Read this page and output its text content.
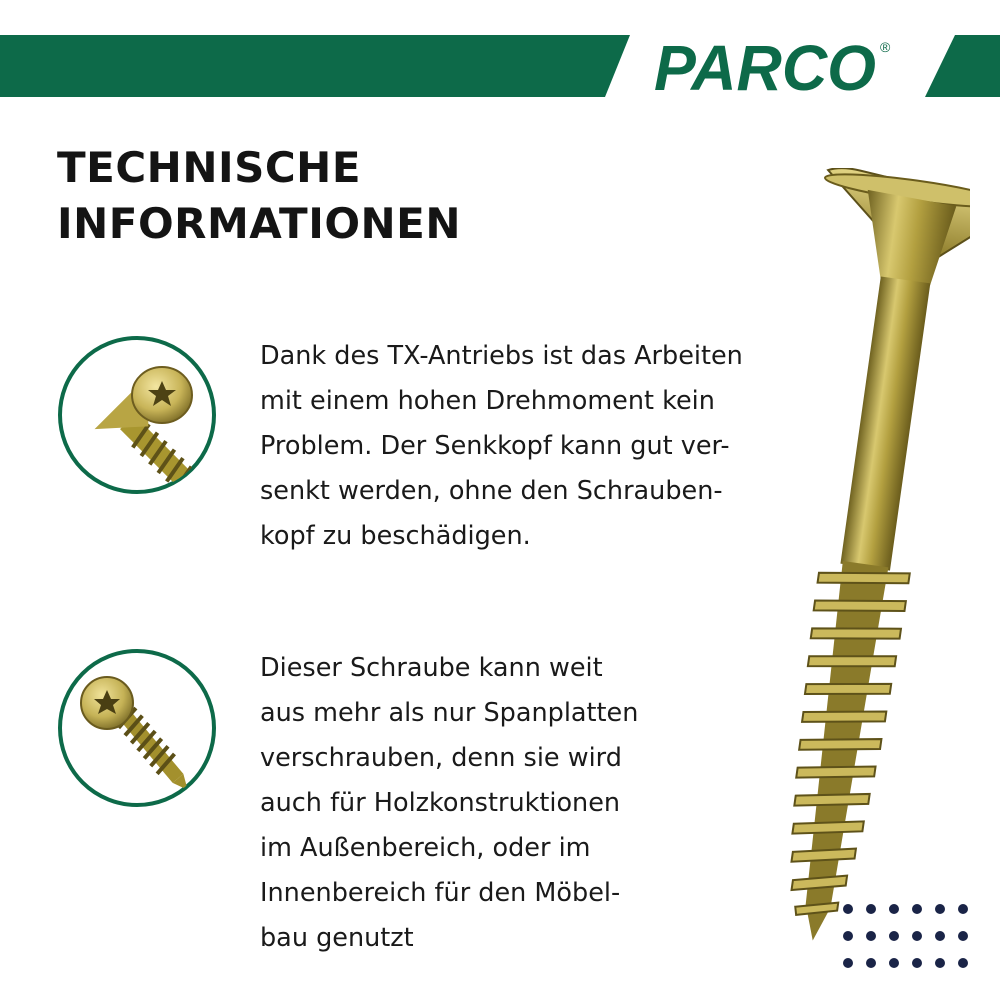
PARCO ®
TECHNISCHE
INFORMATIONEN

Dank des TX-Antriebs ist das Arbeiten
mit einem hohen Drehmoment kein
Problem. Der Senkkopf kann gut ver-
senkt werden, ohne den Schrauben-
kopf zu beschädigen.

Dieser Schraube kann weit
aus mehr als nur Spanplatten
verschrauben, denn sie wird
auch für Holzkonstruktionen
im Außenbereich, oder im
Innenbereich für den Möbel-
bau genutzt
